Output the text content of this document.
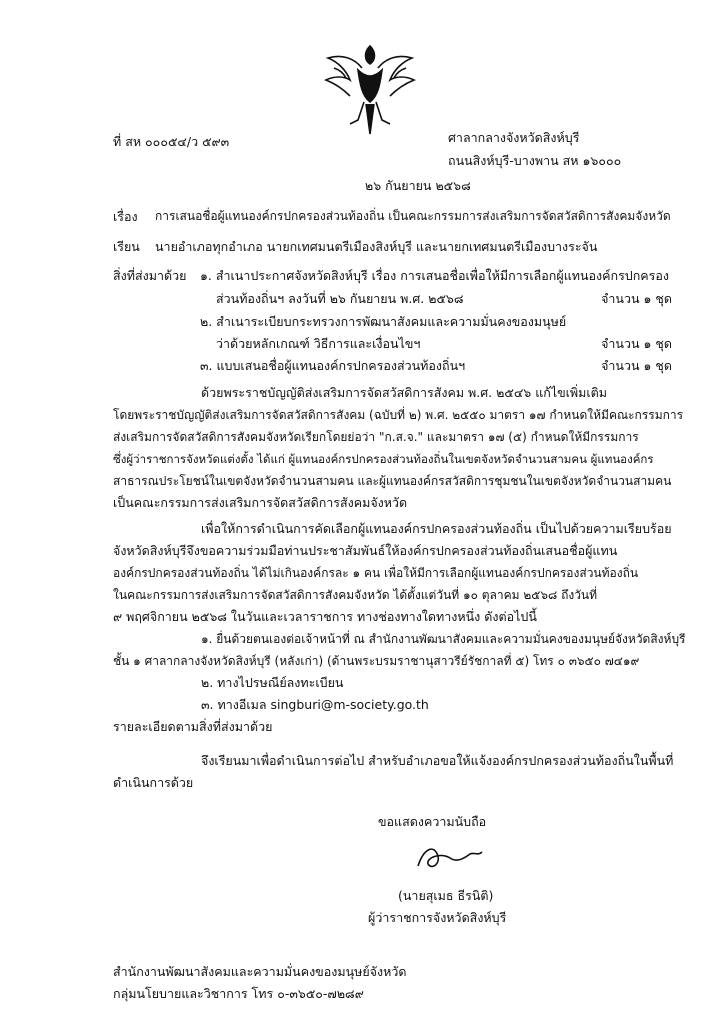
ที่ สห ๐๐๐๕๔/ว ๕๙๓	ศาลากลางจังหวัดสิงห์บุรี
ถนนสิงห์บุรี-บางพาน สห ๑๖๐๐๐
๒๖ กันยายน ๒๕๖๘
เรื่อง การเสนอชื่อผู้แทนองค์กรปกครองส่วนท้องถิ่น เป็นคณะกรรมการส่งเสริมการจัดสวัสดิการสังคมจังหวัด
เรียน นายอำเภอทุกอำเภอ นายกเทศมนตรีเมืองสิงห์บุรี และนายกเทศมนตรีเมืองบางระจัน
สิ่งที่ส่งมาด้วย ๑. สำเนาประกาศจังหวัดสิงห์บุรี เรื่อง การเสนอชื่อเพื่อให้มีการเลือกผู้แทนองค์กรปกครอง
ส่วนท้องถิ่นฯ ลงวันที่ ๒๖ กันยายน พ.ศ. ๒๕๖๘	จำนวน ๑ ชุด
๒. สำเนาระเบียบกระทรวงการพัฒนาสังคมและความมั่นคงของมนุษย์
ว่าด้วยหลักเกณฑ์ วิธีการและเงื่อนไขฯ	จำนวน ๑ ชุด
๓. แบบเสนอชื่อผู้แทนองค์กรปกครองส่วนท้องถิ่นฯ	จำนวน ๑ ชุด
ด้วยพระราชบัญญัติส่งเสริมการจัดสวัสดิการสังคม พ.ศ. ๒๕๔๖ แก้ไขเพิ่มเติม
โดยพระราชบัญญัติส่งเสริมการจัดสวัสดิการสังคม (ฉบับที่ ๒) พ.ศ. ๒๕๕๐ มาตรา ๑๗ กำหนดให้มีคณะกรรมการ
ส่งเสริมการจัดสวัสดิการสังคมจังหวัดเรียกโดยย่อว่า "ก.ส.จ." และมาตรา ๑๗ (๕) กำหนดให้มีกรรมการ
ซึ่งผู้ว่าราชการจังหวัดแต่งตั้ง ได้แก่ ผู้แทนองค์กรปกครองส่วนท้องถิ่นในเขตจังหวัดจำนวนสามคน ผู้แทนองค์กร
สาธารณประโยชน์ในเขตจังหวัดจำนวนสามคน และผู้แทนองค์กรสวัสดิการชุมชนในเขตจังหวัดจำนวนสามคน
เป็นคณะกรรมการส่งเสริมการจัดสวัสดิการสังคมจังหวัด
เพื่อให้การดำเนินการคัดเลือกผู้แทนองค์กรปกครองส่วนท้องถิ่น เป็นไปด้วยความเรียบร้อย
จังหวัดสิงห์บุรีจึงขอความร่วมมือท่านประชาสัมพันธ์ให้องค์กรปกครองส่วนท้องถิ่นเสนอชื่อผู้แทน
องค์กรปกครองส่วนท้องถิ่น ได้ไม่เกินองค์กรละ ๑ คน เพื่อให้มีการเลือกผู้แทนองค์กรปกครองส่วนท้องถิ่น
ในคณะกรรมการส่งเสริมการจัดสวัสดิการสังคมจังหวัด ได้ตั้งแต่วันที่ ๑๐ ตุลาคม ๒๕๖๘ ถึงวันที่
๙ พฤศจิกายน ๒๕๖๘ ในวันและเวลาราชการ ทางช่องทางใดทางหนึ่ง ดังต่อไปนี้
๑. ยื่นด้วยตนเองต่อเจ้าหน้าที่ ณ สำนักงานพัฒนาสังคมและความมั่นคงของมนุษย์จังหวัดสิงห์บุรี
ชั้น ๑ ศาลากลางจังหวัดสิงห์บุรี (หลังเก่า) (ด้านพระบรมราชานุสาวรีย์รัชกาลที่ ๕) โทร ๐ ๓๖๕๐ ๗๔๑๙
๒. ทางไปรษณีย์ลงทะเบียน
๓. ทางอีเมล singburi@m-society.go.th
รายละเอียดตามสิ่งที่ส่งมาด้วย
จึงเรียนมาเพื่อดำเนินการต่อไป สำหรับอำเภอขอให้แจ้งองค์กรปกครองส่วนท้องถิ่นในพื้นที่
ดำเนินการด้วย
ขอแสดงความนับถือ
(นายสุเมธ ธีรนิติ)
ผู้ว่าราชการจังหวัดสิงห์บุรี
สำนักงานพัฒนาสังคมและความมั่นคงของมนุษย์จังหวัด
กลุ่มนโยบายและวิชาการ โทร ๐-๓๖๕๐-๗๒๘๙
